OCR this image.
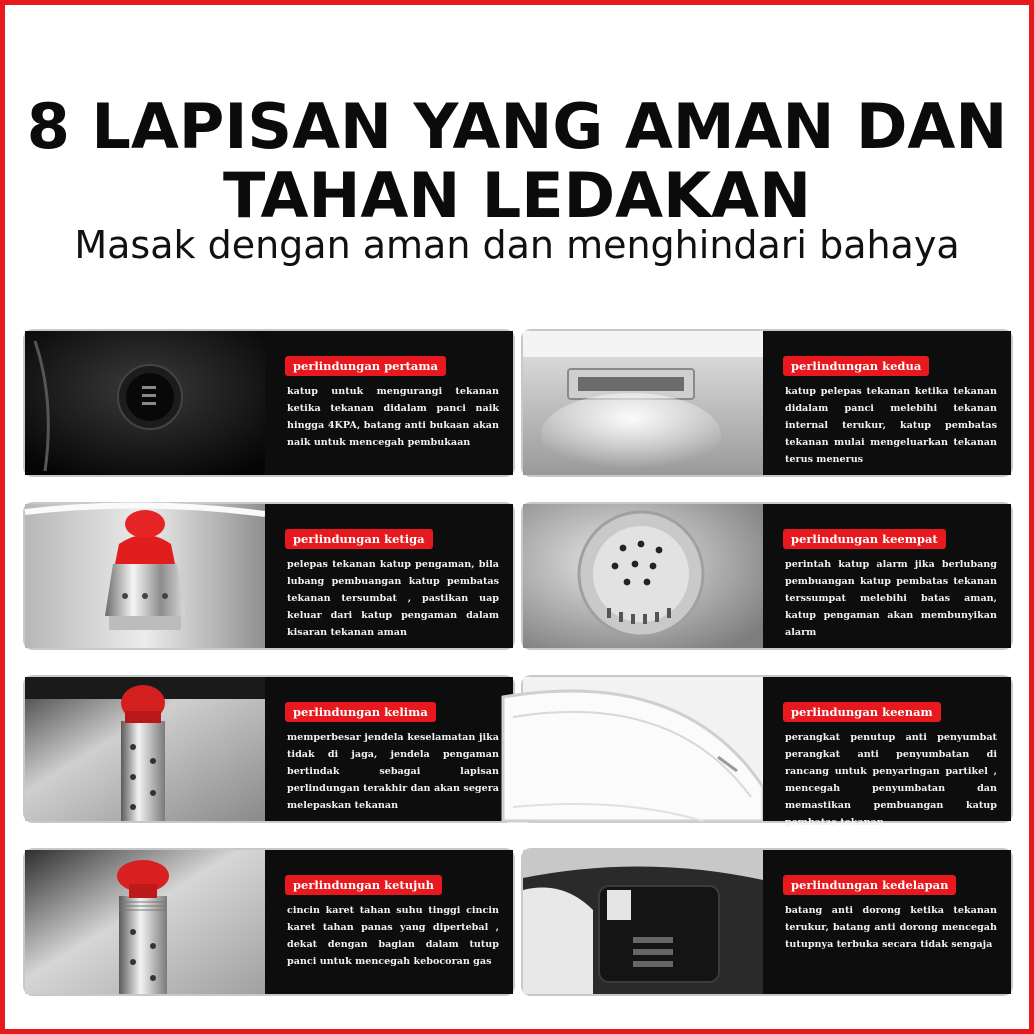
8 LAPISAN YANG AMAN DAN
TAHAN LEDAKAN

Masak dengan aman dan menghindari bahaya

perlindungan pertama

katup untuk mengurangi tekanan ketika tekanan didalam panci naik hingga 4KPA, batang anti bukaan akan naik untuk mencegah pembukaan

perlindungan kedua

katup pelepas tekanan ketika tekanan didalam panci melebihi tekanan internal terukur, katup pembatas tekanan mulai mengeluarkan tekanan terus menerus

perlindungan ketiga

pelepas tekanan katup pengaman, bila lubang pembuangan katup pembatas tekanan tersumbat , pastikan uap keluar dari katup pengaman dalam kisaran tekanan aman

perlindungan keempat

perintah katup alarm jika berlubang pembuangan katup pembatas tekanan terssumpat melebihi batas aman, katup pengaman akan membunyikan alarm

perlindungan kelima

memperbesar jendela keselamatan jika tidak di jaga, jendela pengaman bertindak sebagai lapisan perlindungan terakhir dan akan segera melepaskan tekanan

perlindungan keenam

perangkat penutup anti penyumbat perangkat anti penyumbatan di rancang untuk penyaringan partikel , mencegah penyumbatan dan memastikan pembuangan katup pembatas tekanan

perlindungan ketujuh

cincin karet tahan suhu tinggi cincin karet tahan panas yang dipertebal , dekat dengan bagian dalam tutup panci untuk mencegah kebocoran gas

perlindungan kedelapan

batang anti dorong ketika tekanan terukur, batang anti dorong mencegah tutupnya terbuka secara tidak sengaja
